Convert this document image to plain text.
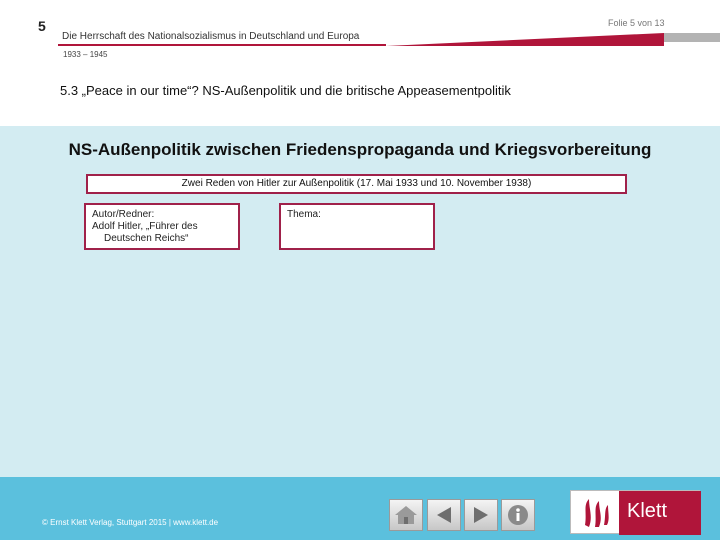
5	Folie 5 von 13
Die Herrschaft des Nationalsozialismus in Deutschland und Europa
1933 – 1945
5.3 „Peace in our time“? NS-Außenpolitik und die britische Appeasementpolitik
NS-Außenpolitik zwischen Friedenspropaganda und Kriegsvorbereitung
Zwei Reden von Hitler zur Außenpolitik (17. Mai 1933 und 10. November 1938)
Autor/Redner:
Adolf Hitler, „Führer des
Deutschen Reichs“
Thema:
© Ernst Klett Verlag, Stuttgart 2015 | www.klett.de
Klett
